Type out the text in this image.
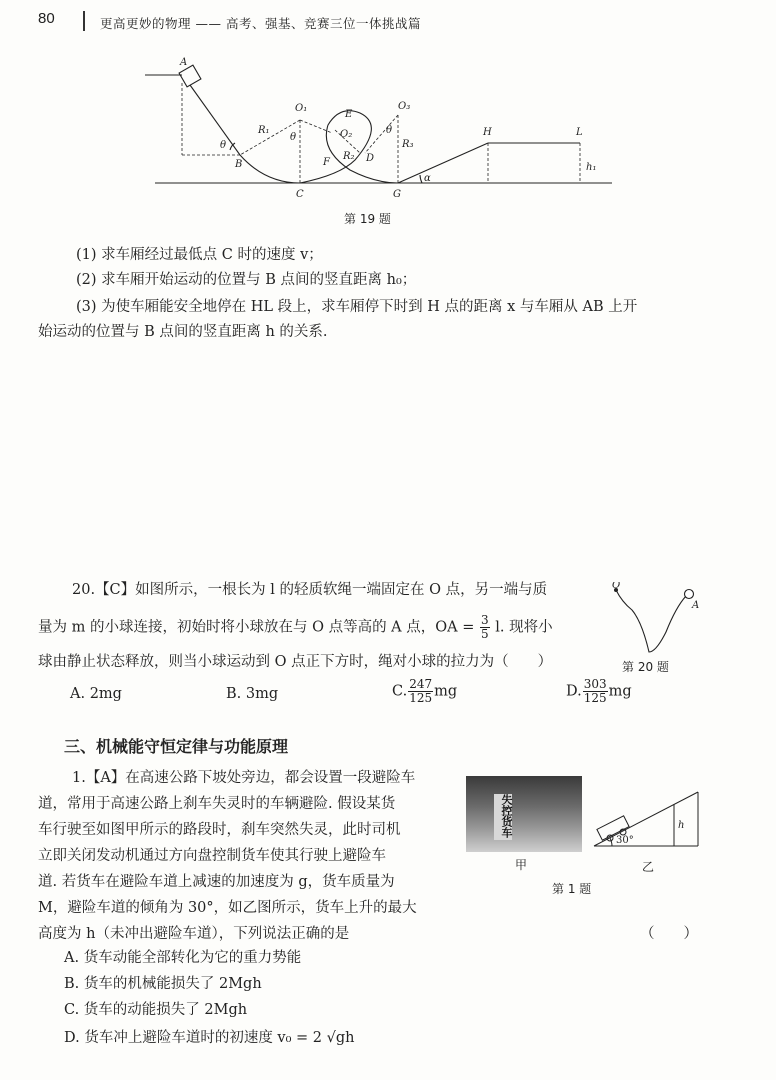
80	更高更妙的物理 —— 高考、强基、竞赛三位一体挑战篇
A
B
C
D
E
F
G
H	L
O₁
O₂
O₃
R₁
R₂
R₃
θ
θ
θ
α
h₁
第 19 题
(1) 求车厢经过最低点 C 时的速度 v；
(2) 求车厢开始运动的位置与 B 点间的竖直距离 h₀；
(3) 为使车厢能安全地停在 HL 段上，求车厢停下时到 H 点的距离 x 与车厢从 AB 上开
始运动的位置与 B 点间的竖直距离 h 的关系.
20.【C】如图所示，一根长为 l 的轻质软绳一端固定在 O 点，另一端与质
量为 m 的小球连接，初始时将小球放在与 O 点等高的 A 点，OA = $\frac{3}{5} l$. 现将小
球由静止状态释放，则当小球运动到 O 点正下方时，绳对小球的拉力为（　　）
O
A
第 20 题
A. 2mg	B. 3mg	C. $\frac{247}{125}$ mg	D. $\frac{303}{125}$ mg
三、机械能守恒定律与功能原理
1.【A】在高速公路下坡处旁边，都会设置一段避险车
道，常用于高速公路上刹车失灵时的车辆避险. 假设某货
车行驶至如图甲所示的路段时，刹车突然失灵，此时司机
立即关闭发动机通过方向盘控制货车使其行驶上避险车
道. 若货车在避险车道上减速的加速度为 g，货车质量为
M，避险车道的倾角为 30°，如乙图所示，货车上升的最大
高度为 h（未冲出避险车道），下列说法正确的是	（　　）
A. 货车动能全部转化为它的重力势能
B. 货车的机械能损失了 2Mgh
C. 货车的动能损失了 2Mgh
D. 货车冲上避险车道时的初速度 v₀ = 2 √gh
失控货车
甲
30°
h
乙
第 1 题
